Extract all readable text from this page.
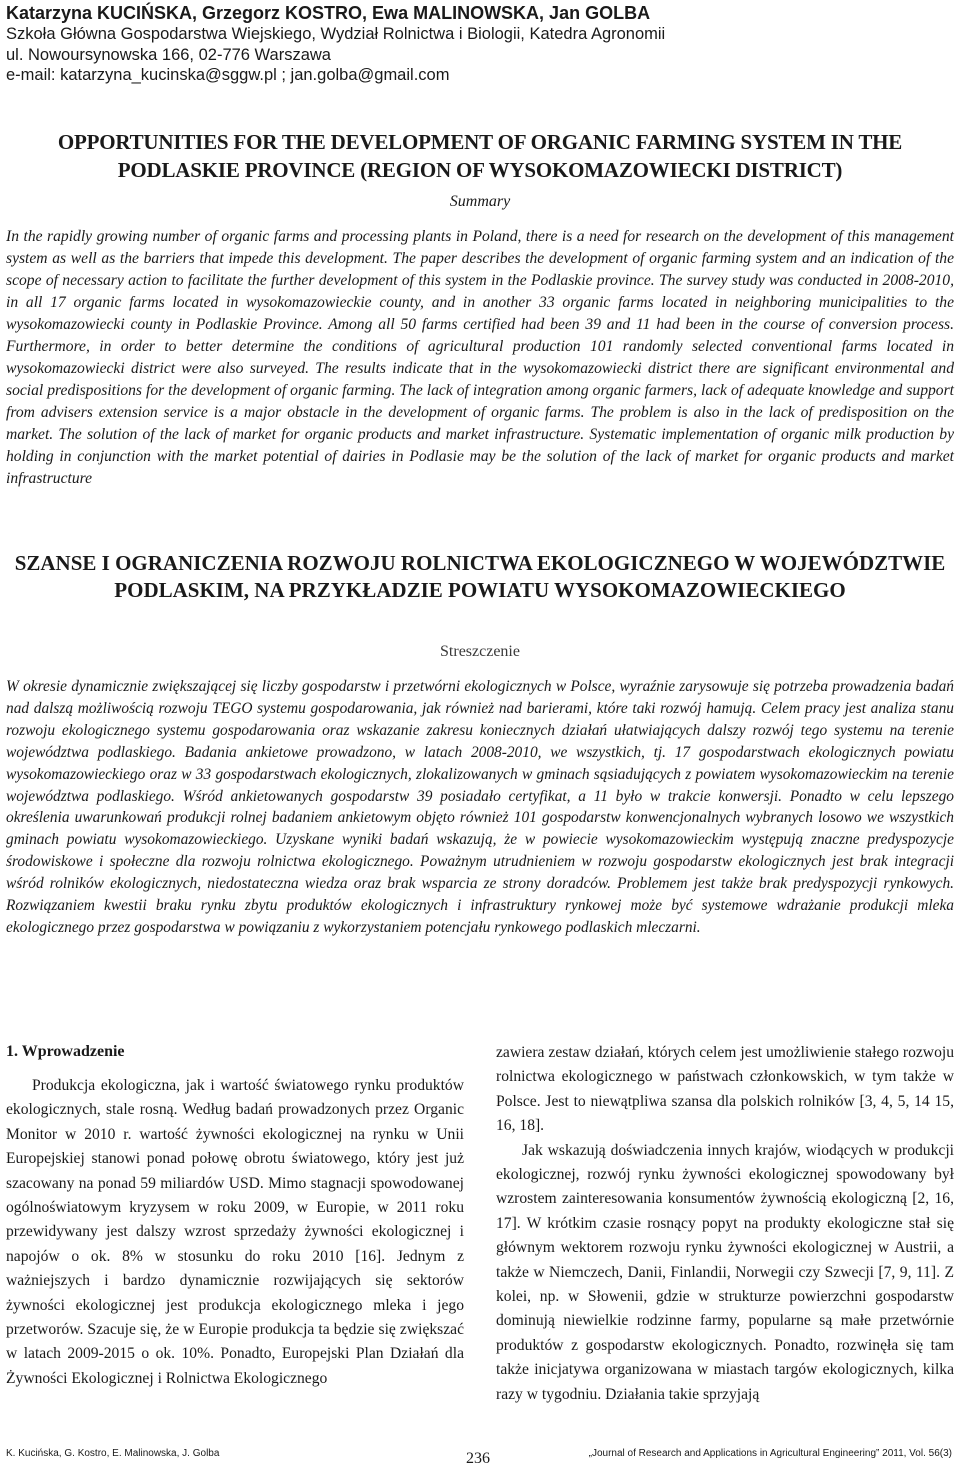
Katarzyna KUCIŃSKA, Grzegorz KOSTRO, Ewa MALINOWSKA, Jan GOLBA
Szkoła Główna Gospodarstwa Wiejskiego, Wydział Rolnictwa i Biologii, Katedra Agronomii
ul. Nowoursynowska 166, 02-776 Warszawa
e-mail: katarzyna_kucinska@sggw.pl ; jan.golba@gmail.com
OPPORTUNITIES FOR THE DEVELOPMENT OF ORGANIC FARMING SYSTEM IN THE PODLASKIE PROVINCE (REGION OF WYSOKOMAZOWIECKI DISTRICT)
Summary
In the rapidly growing number of organic farms and processing plants in Poland, there is a need for research on the development of this management system as well as the barriers that impede this development. The paper describes the development of organic farming system and an indication of the scope of necessary action to facilitate the further development of this system in the Podlaskie province. The survey study was conducted in 2008-2010, in all 17 organic farms located in wysokomazowieckie county, and in another 33 organic farms located in neighboring municipalities to the wysokomazowiecki county in Podlaskie Province. Among all 50 farms certified had been 39 and 11 had been in the course of conversion process. Furthermore, in order to better determine the conditions of agricultural production 101 randomly selected conventional farms located in wysokomazowiecki district were also surveyed. The results indicate that in the wysokomazowiecki district there are significant environmental and social predispositions for the development of organic farming. The lack of integration among organic farmers, lack of adequate knowledge and support from advisers extension service is a major obstacle in the development of organic farms. The problem is also in the lack of predisposition on the market. The solution of the lack of market for organic products and market infrastructure. Systematic implementation of organic milk production by holding in conjunction with the market potential of dairies in Podlasie may be the solution of the lack of market for organic products and market infrastructure
SZANSE I OGRANICZENIA ROZWOJU ROLNICTWA EKOLOGICZNEGO W WOJEWÓDZTWIE PODLASKIM, NA PRZYKŁADZIE POWIATU WYSOKOMAZOWIECKIEGO
Streszczenie
W okresie dynamicznie zwiększającej się liczby gospodarstw i przetwórni ekologicznych w Polsce, wyraźnie zarysowuje się potrzeba prowadzenia badań nad dalszą możliwością rozwoju TEGO systemu gospodarowania, jak również nad barierami, które taki rozwój hamują. Celem pracy jest analiza stanu rozwoju ekologicznego systemu gospodarowania oraz wskazanie zakresu koniecznych działań ułatwiających dalszy rozwój tego systemu na terenie województwa podlaskiego. Badania ankietowe prowadzono, w latach 2008-2010, we wszystkich, tj. 17 gospodarstwach ekologicznych powiatu wysokomazowieckiego oraz w 33 gospodarstwach ekologicznych, zlokalizowanych w gminach sąsiadujących z powiatem wysokomazowieckim na terenie województwa podlaskiego. Wśród ankietowanych gospodarstw 39 posiadało certyfikat, a 11 było w trakcie konwersji. Ponadto w celu lepszego określenia uwarunkowań produkcji rolnej badaniem ankietowym objęto również 101 gospodarstw konwencjonalnych wybranych losowo we wszystkich gminach powiatu wysokomazowieckiego. Uzyskane wyniki badań wskazują, że w powiecie wysokomazowieckim występują znaczne predyspozycje środowiskowe i społeczne dla rozwoju rolnictwa ekologicznego. Poważnym utrudnieniem w rozwoju gospodarstw ekologicznych jest brak integracji wśród rolników ekologicznych, niedostateczna wiedza oraz brak wsparcia ze strony doradców. Problemem jest także brak predyspozycji rynkowych. Rozwiązaniem kwestii braku rynku zbytu produktów ekologicznych i infrastruktury rynkowej może być systemowe wdrażanie produkcji mleka ekologicznego przez gospodarstwa w powiązaniu z wykorzystaniem potencjału rynkowego podlaskich mleczarni.
1. Wprowadzenie

Produkcja ekologiczna, jak i wartość światowego rynku produktów ekologicznych, stale rosną. Według badań prowadzonych przez Organic Monitor w 2010 r. wartość żywności ekologicznej na rynku w Unii Europejskiej stanowi ponad połowę obrotu światowego, który jest już szacowany na ponad 59 miliardów USD. Mimo stagnacji spowodowanej ogólnoświatowym kryzysem w roku 2009, w Europie, w 2011 roku przewidywany jest dalszy wzrost sprzedaży żywności ekologicznej i napojów o ok. 8% w stosunku do roku 2010 [16]. Jednym z ważniejszych i bardzo dynamicznie rozwijających się sektorów żywności ekologicznej jest produkcja ekologicznego mleka i jego przetworów. Szacuje się, że w Europie produkcja ta będzie się zwiększać w latach 2009-2015 o ok. 10%. Ponadto, Europejski Plan Działań dla Żywności Ekologicznej i Rolnictwa Ekologicznego

zawiera zestaw działań, których celem jest umożliwienie stałego rozwoju rolnictwa ekologicznego w państwach członkowskich, w tym także w Polsce. Jest to niewątpliwa szansa dla polskich rolników [3, 4, 5, 14 15, 16, 18].

Jak wskazują doświadczenia innych krajów, wiodących w produkcji ekologicznej, rozwój rynku żywności ekologicznej spowodowany był wzrostem zainteresowania konsumentów żywnością ekologiczną [2, 16, 17]. W krótkim czasie rosnący popyt na produkty ekologiczne stał się głównym wektorem rozwoju rynku żywności ekologicznej w Austrii, a także w Niemczech, Danii, Finlandii, Norwegii czy Szwecji [7, 9, 11]. Z kolei, np. w Słowenii, gdzie w strukturze powierzchni gospodarstw dominują niewielkie rodzinne farmy, popularne są małe przetwórnie produktów z gospodarstw ekologicznych. Ponadto, rozwinęła się tam także inicjatywa organizowana w miastach targów ekologicznych, kilka razy w tygodniu. Działania takie sprzyjają

K. Kucińska, G. Kostro, E. Malinowska, J. Golba	236	„Journal of Research and Applications in Agricultural Engineering” 2011, Vol. 56(3)
